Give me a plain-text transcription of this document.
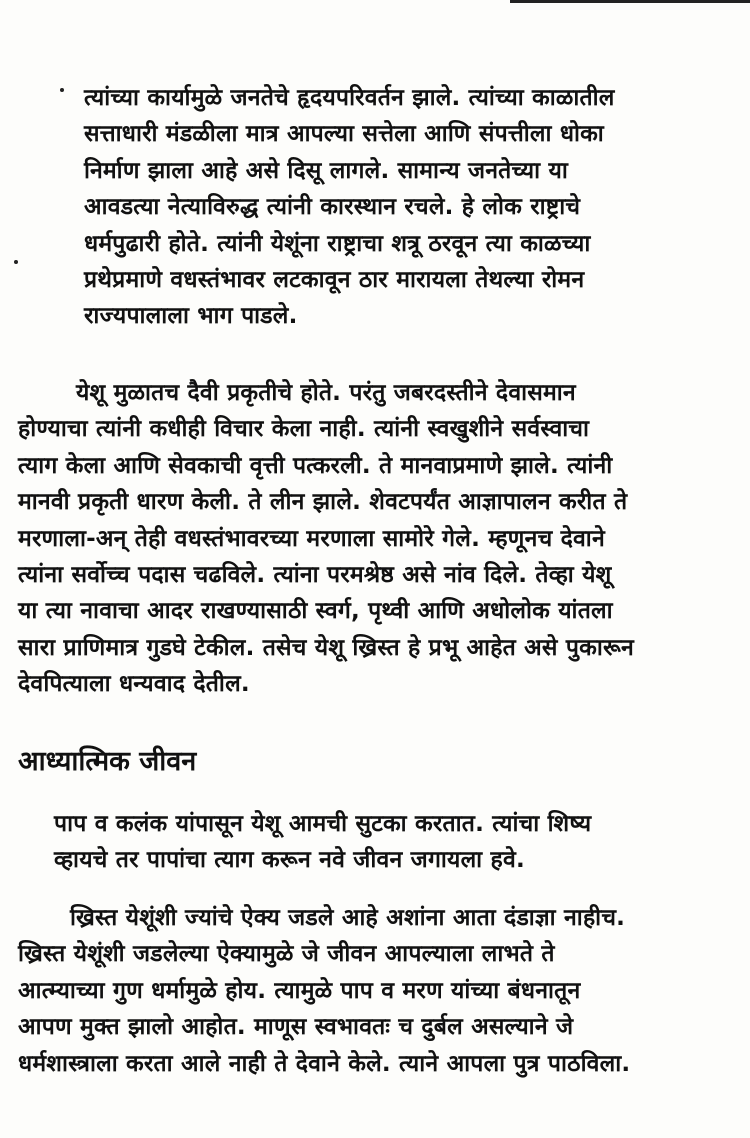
त्यांच्या कार्यामुळे जनतेचे हृदयपरिवर्तन झाले. त्यांच्या काळातील
सत्ताधारी मंडळीला मात्र आपल्या सत्तेला आणि संपत्तीला धोका
निर्माण झाला आहे असे दिसू लागले. सामान्य जनतेच्या या
आवडत्या नेत्याविरुद्ध त्यांनी कारस्थान रचले. हे लोक राष्ट्राचे
धर्मपुढारी होते. त्यांनी येशूंना राष्ट्राचा शत्रू ठरवून त्या काळच्या
प्रथेप्रमाणे वधस्तंभावर लटकावून ठार मारायला तेथल्या रोमन
राज्यपालाला भाग पाडले.

येशू मुळातच दैवी प्रकृतीचे होते. परंतु जबरदस्तीने देवासमान
होण्याचा त्यांनी कधीही विचार केला नाही. त्यांनी स्वखुशीने सर्वस्वाचा
त्याग केला आणि सेवकाची वृत्ती पत्करली. ते मानवाप्रमाणे झाले. त्यांनी
मानवी प्रकृती धारण केली. ते लीन झाले. शेवटपर्यंत आज्ञापालन करीत ते
मरणाला-अन् तेही वधस्तंभावरच्या मरणाला सामोरे गेले. म्हणूनच देवाने
त्यांना सर्वोच्च पदास चढविले. त्यांना परमश्रेष्ठ असे नांव दिले. तेव्हा येशू
या त्या नावाचा आदर राखण्यासाठी स्वर्ग, पृथ्वी आणि अधोलोक यांतला
सारा प्राणिमात्र गुडघे टेकील. तसेच येशू ख्रिस्त हे प्रभू आहेत असे पुकारून
देवपित्याला धन्यवाद देतील.

आध्यात्मिक जीवन

पाप व कलंक यांपासून येशू आमची सुटका करतात. त्यांचा शिष्य
व्हायचे तर पापांचा त्याग करून नवे जीवन जगायला हवे.

ख्रिस्त येशूंशी ज्यांचे ऐक्य जडले आहे अशांना आता दंडाज्ञा नाहीच.
ख्रिस्त येशूंशी जडलेल्या ऐक्यामुळे जे जीवन आपल्याला लाभते ते
आत्म्याच्या गुण धर्मामुळे होय. त्यामुळे पाप व मरण यांच्या बंधनातून
आपण मुक्त झालो आहोत. माणूस स्वभावतः च दुर्बल असल्याने जे
धर्मशास्त्राला करता आले नाही ते देवाने केले. त्याने आपला पुत्र पाठविला.
